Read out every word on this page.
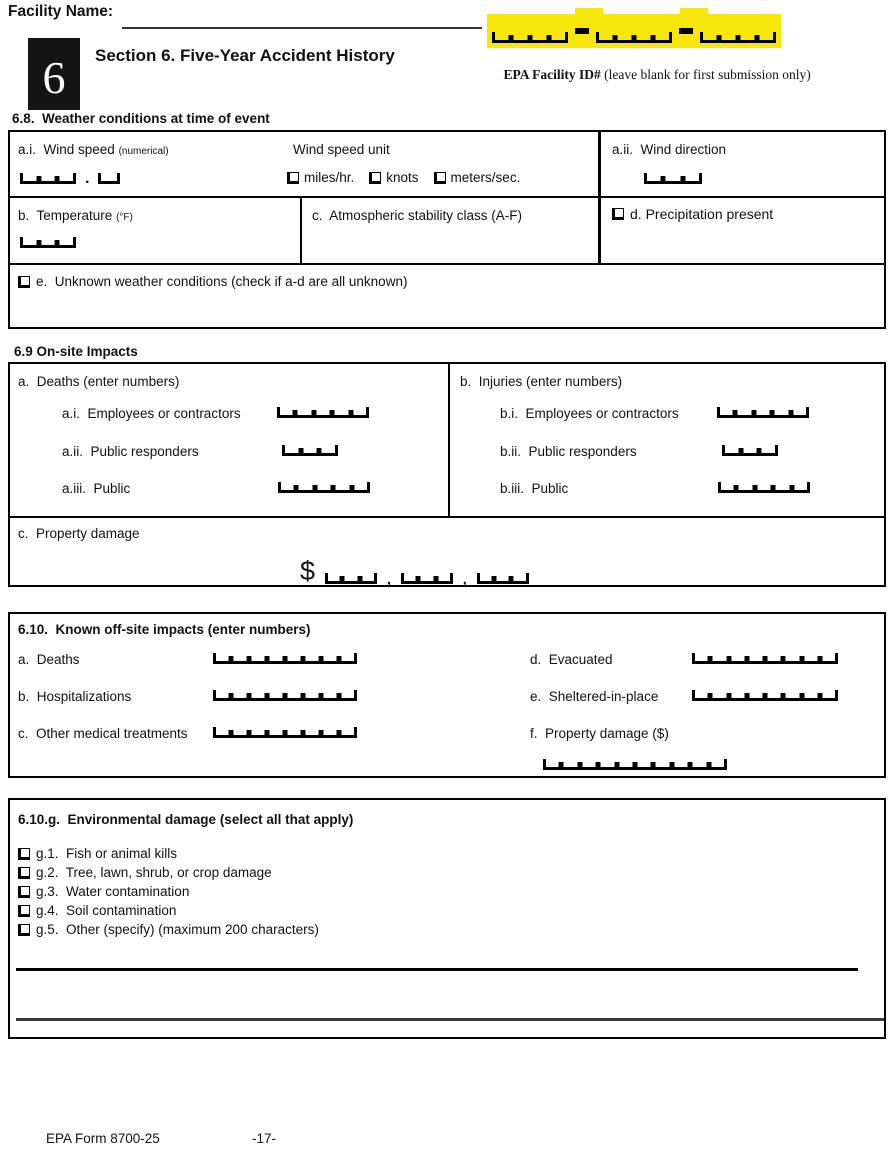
Facility Name:

EPA Facility ID# (leave blank for first submission only)

6 Section 6. Five-Year Accident History
6.8.  Weather conditions at time of event
a.i.  Wind speed (numerical)	Wind speed unit
.	miles/hr. knots meters/sec.
a.ii.  Wind direction
b.  Temperature (°F)	c.  Atmospheric stability class (A-F)	d. Precipitation present
e.  Unknown weather conditions (check if a-d are all unknown)
6.9 On-site Impacts
a.  Deaths (enter numbers)
a.i.  Employees or contractors
a.ii.  Public responders
a.iii.  Public
b.  Injuries (enter numbers)
b.i.  Employees or contractors
b.ii.  Public responders
b.iii.  Public
c.  Property damage
$	,	,
6.10.  Known off-site impacts (enter numbers)
a.  Deaths
b.  Hospitalizations
c.  Other medical treatments
d.  Evacuated
e.  Sheltered-in-place
f.  Property damage ($)
6.10.g.  Environmental damage (select all that apply)
g.1.  Fish or animal kills
g.2.  Tree, lawn, shrub, or crop damage
g.3.  Water contamination
g.4.  Soil contamination
g.5.  Other (specify) (maximum 200 characters)
EPA Form 8700-25	-17-
